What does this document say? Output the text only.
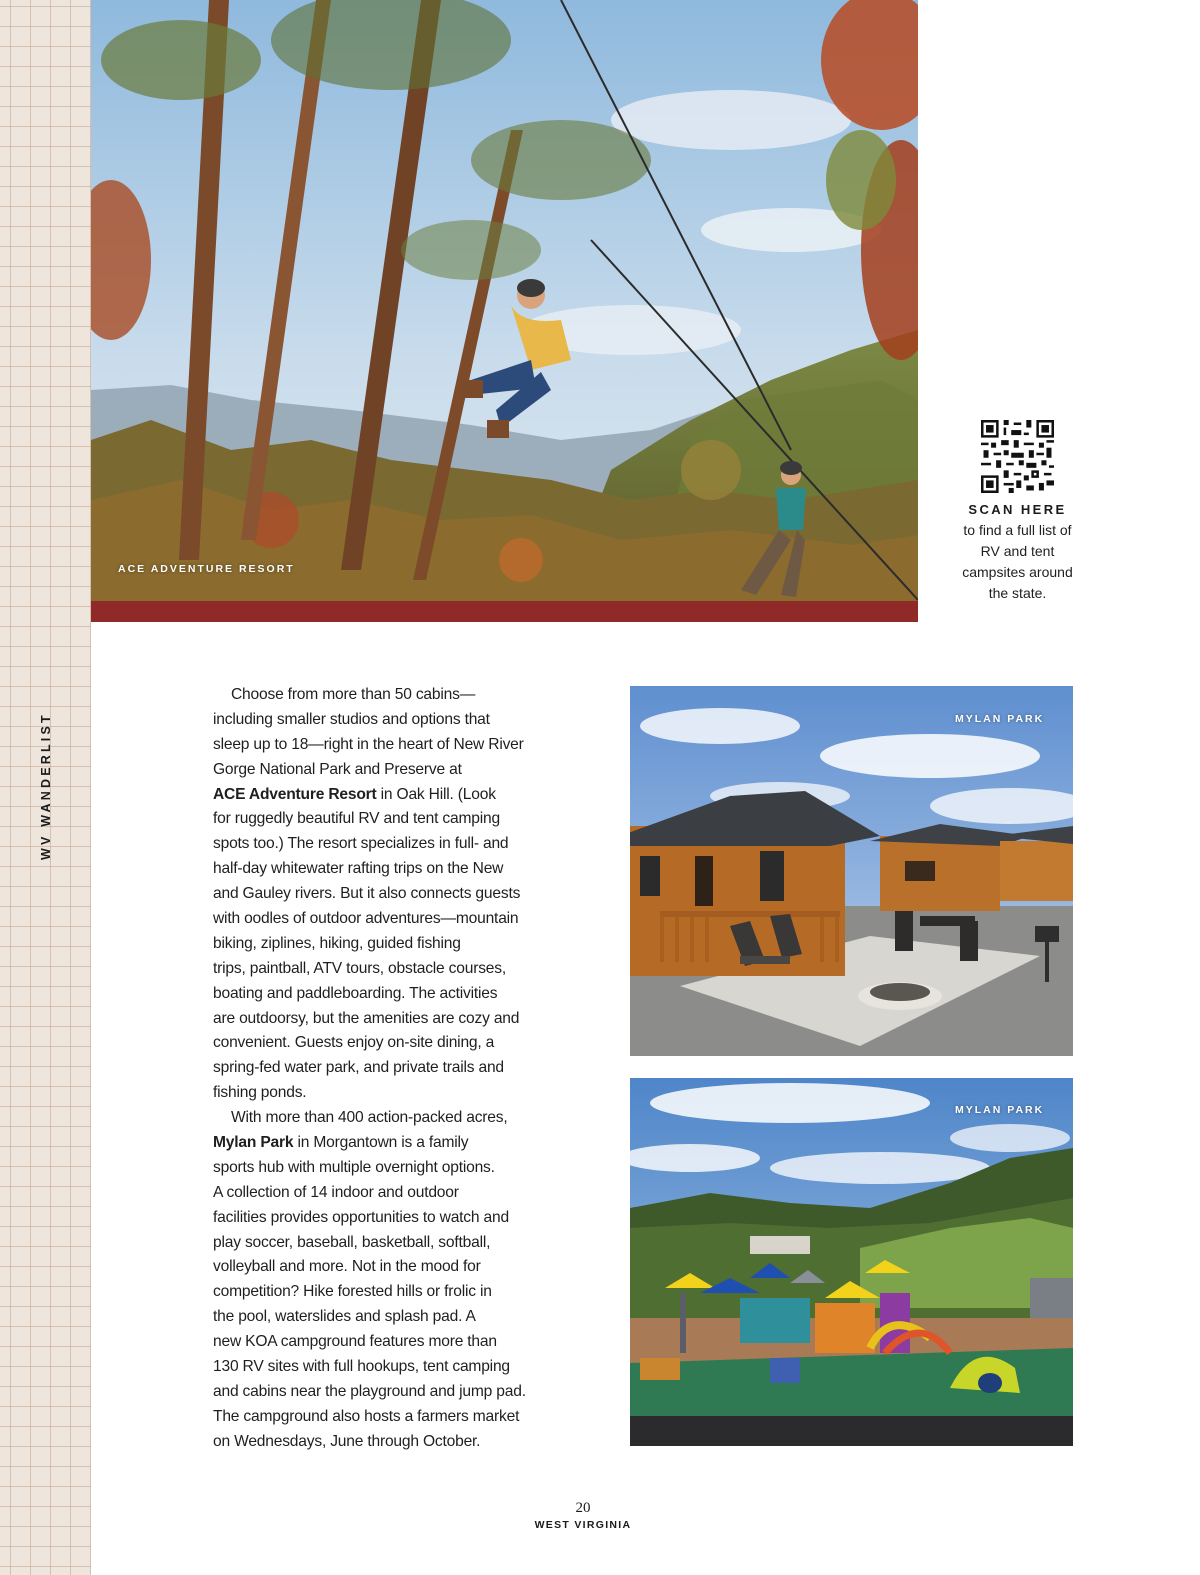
WV WANDERLIST
ACE ADVENTURE RESORT
SCAN HERE
to find a full list of
RV and tent
campsites around
the state.
Choose from more than 50 cabins—
including smaller studios and options that
sleep up to 18—right in the heart of New River
Gorge National Park and Preserve at
ACE Adventure Resort in Oak Hill. (Look
for ruggedly beautiful RV and tent camping
spots too.) The resort specializes in full- and
half-day whitewater rafting trips on the New
and Gauley rivers. But it also connects guests
with oodles of outdoor adventures—mountain
biking, ziplines, hiking, guided fishing
trips, paintball, ATV tours, obstacle courses,
boating and paddleboarding. The activities
are outdoorsy, but the amenities are cozy and
convenient. Guests enjoy on-site dining, a
spring-fed water park, and private trails and
fishing ponds.
With more than 400 action-packed acres,
Mylan Park in Morgantown is a family
sports hub with multiple overnight options.
A collection of 14 indoor and outdoor
facilities provides opportunities to watch and
play soccer, baseball, basketball, softball,
volleyball and more. Not in the mood for
competition? Hike forested hills or frolic in
the pool, waterslides and splash pad. A
new KOA campground features more than
130 RV sites with full hookups, tent camping
and cabins near the playground and jump pad.
The campground also hosts a farmers market
on Wednesdays, June through October.
MYLAN PARK
MYLAN PARK
20
WEST VIRGINIA
